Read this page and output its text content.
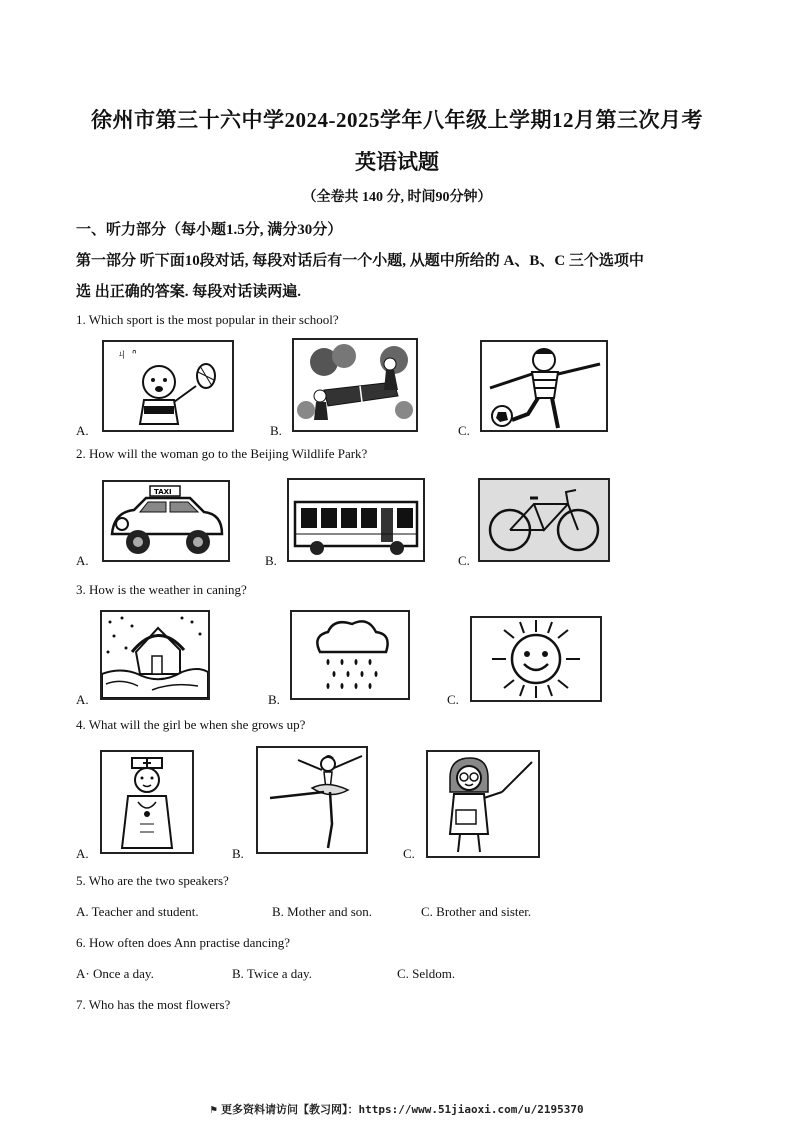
徐州市第三十六中学2024-2025学年八年级上学期12月第三次月考
英语试题
（全卷共 140 分, 时间90分钟）
一、听力部分（每小题1.5分, 满分30分）
第一部分 听下面10段对话, 每段对话后有一个小题, 从题中所给的 A、B、C 三个选项中
选 出正确的答案. 每段对话读两遍.
1. Which sport is the most popular in their school?
A.
ㄐ ᐢ
B.	C.
2. How will the woman go to the Beijing Wildlife Park?
A.
TAXI
B.	C.
3. How is the weather in caning?
A.	B.	C.
4. What will the girl be when she grows up?
A.	B.	C.
5. Who are the two speakers?
A. Teacher and student.	B. Mother and son.	C. Brother and sister.
6. How often does Ann practise dancing?
A· Once a day.	B. Twice a day.	C. Seldom.
7. Who has the most flowers?
⚑ 更多资料请访问【教习网】：https://www.51jiaoxi.com/u/2195370
